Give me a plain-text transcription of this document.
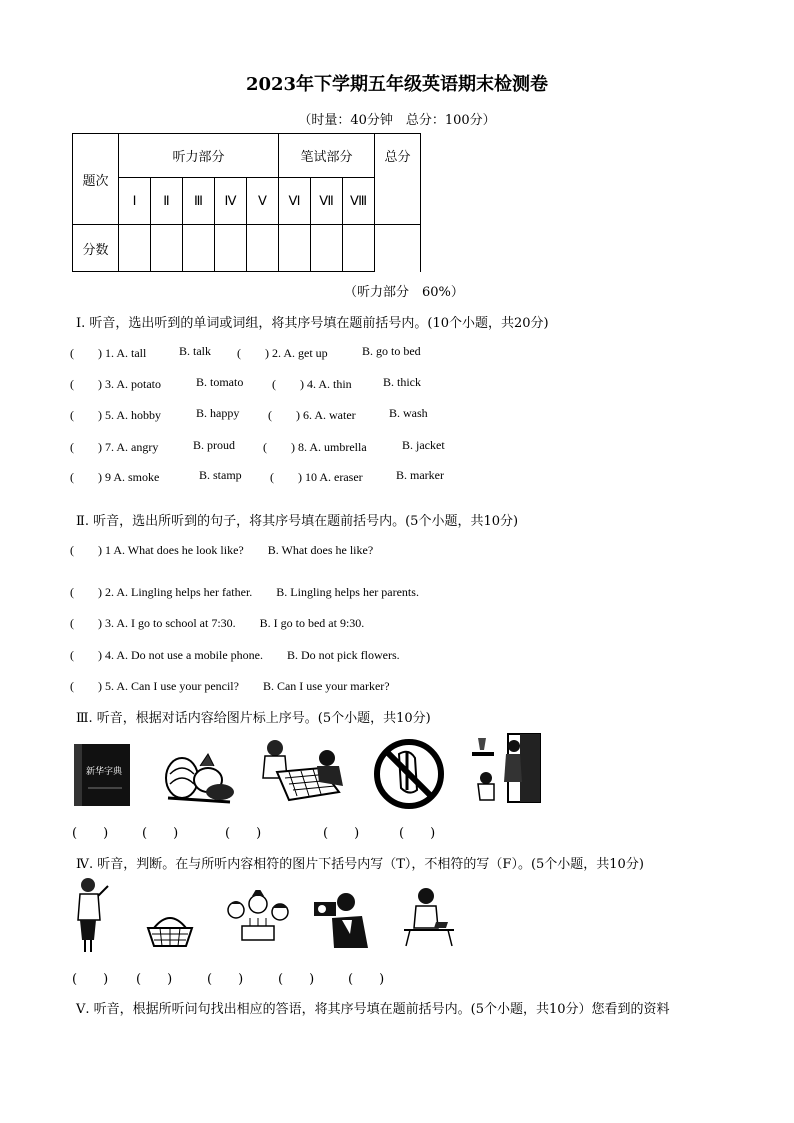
2023年下学期五年级英语期末检测卷
（时量：40分钟　总分：100分）
题次	听力部分					笔试部分			总分
	Ⅰ	Ⅱ	Ⅲ	Ⅳ	Ⅴ	Ⅵ	Ⅶ	Ⅷ	
分数									
（听力部分　60%）
Ⅰ. 听音，选出听到的单词或词组，将其序号填在题前括号内。(10个小题，共20分)
(　　) 1. A. tall	B. talk (　　) 2. A. get up	B. go to bed
(　　) 3. A. potato	B. tomato (　　) 4. A. thin	B. thick
(　　) 5. A. hobby	B. happy (　　) 6. A. water	B. wash
(　　) 7. A. angry	B. proud (　　) 8. A. umbrella	B. jacket
(　　) 9 A. smoke	B. stamp (　　) 10 A. eraser	B. marker
Ⅱ. 听音，选出所听到的句子，将其序号填在题前括号内。(5个小题，共10分)
(　　) 1 A. What does he look like?　　B. What does he like?
(　　) 2. A. Lingling helps her father.　　B. Lingling helps her parents.
(　　) 3. A. I go to school at 7:30.　　B. I go to bed at 9:30.
(　　) 4. A. Do not use a mobile phone.　　B. Do not pick flowers.
(　　) 5. A. Can I use your pencil?　　B. Can I use your marker?
Ⅲ. 听音，根据对话内容给图片标上序号。(5个小题，共10分)
新华字典
(　　)	(　　)	(　　)	(　　)	(　　)
Ⅳ. 听音，判断。在与所听内容相符的图片下括号内写（T），不相符的写（F）。(5个小题，共10分)
(　　) (　　)	(　　)	(　　)	(　　)
Ⅴ. 听音，根据所听问句找出相应的答语，将其序号填在题前括号内。(5个小题，共10分）您看到的资料
